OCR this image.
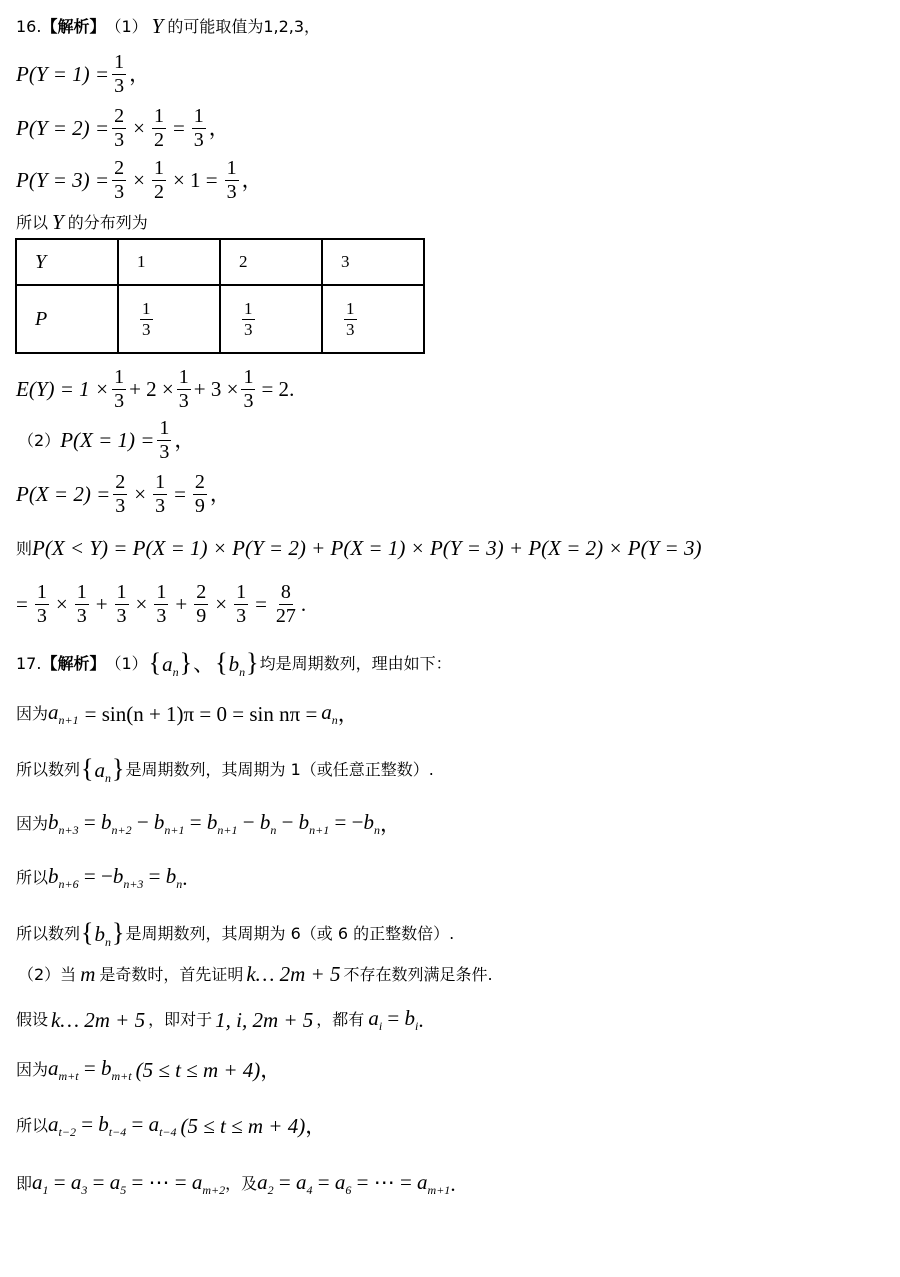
16. 【解析】 （1） Y 的可能取值为1,2,3，
$P(Y = 1) = \frac{1}{3}$ ，
$P(Y = 2) = \frac{2}{3} \times \frac{1}{2} = \frac{1}{3}$ ，
$P(Y = 3) = \frac{2}{3} \times \frac{1}{2} \times 1 = \frac{1}{3}$ ，
所以 Y 的分布列为
Y	1	2	3
P	$\frac{1}{3}$	$\frac{1}{3}$	$\frac{1}{3}$
$E(Y) = 1 \times \frac{1}{3} + 2 \times \frac{1}{3} + 3 \times \frac{1}{3} = 2$ .
（2） $P(X = 1) = \frac{1}{3}$ ，
$P(X = 2) = \frac{2}{3} \times \frac{1}{3} = \frac{2}{9}$ ，
则 P(X < Y) = P(X = 1) × P(Y = 2) + P(X = 1) × P(Y = 3) + P(X = 2) × P(Y = 3)
= $\frac{1}{3} \times \frac{1}{3} + \frac{1}{3} \times \frac{1}{3} + \frac{2}{9} \times \frac{1}{3} = \frac{8}{27}$ .
17. 【解析】 （1） $\{a_n\}$、$\{b_n\}$ 均是周期数列，理由如下：
因为 $a_{n+1} = \sin(n + 1)\pi = 0 = \sin n\pi = a_n$ ，
所以数列 $\{a_n\}$ 是周期数列，其周期为 1（或任意正整数）.
因为 $b_{n+3} = b_{n+2} - b_{n+1} = b_{n+1} - b_n - b_{n+1} = -b_n$ ，
所以 $b_{n+6} = -b_{n+3} = b_n$ .
所以数列 $\{b_n\}$ 是周期数列，其周期为 6（或 6 的正整数倍）.
（2）当 m 是奇数时，首先证明 k… 2m + 5 不存在数列满足条件.
假设 k… 2m + 5 ，即对于 1, i, 2m + 5 ，都有 $a_i = b_i$ .
因为 $a_{m+t} = b_{m+t}$ (5 ≤ t ≤ m + 4) ，
所以 $a_{t-2} = b_{t-4} = a_{t-4}$ (5 ≤ t ≤ m + 4) ，
即 $a_1 = a_3 = a_5$ = ⋯ = $a_{m+2}$ ，及 $a_2 = a_4 = a_6$ = ⋯ = $a_{m+1}$ .
